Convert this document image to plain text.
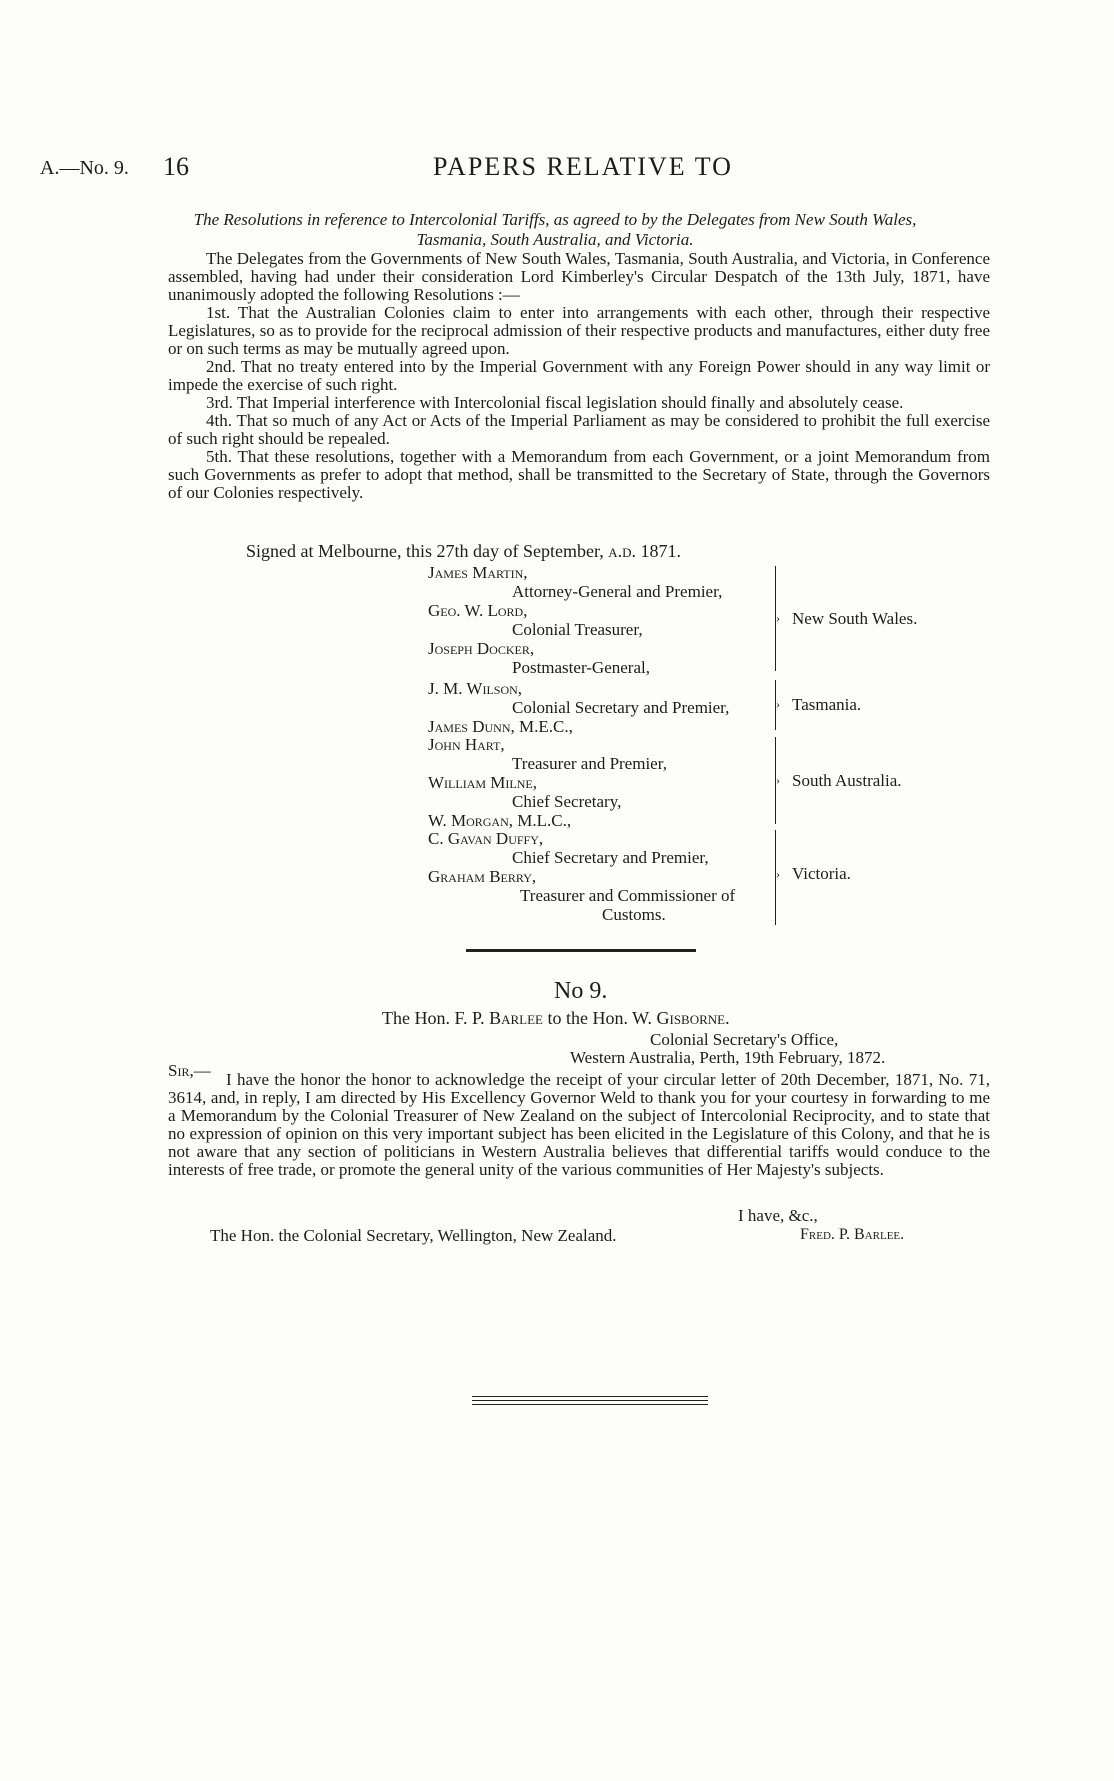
A.—No. 9. 16	PAPERS RELATIVE TO
The Resolutions in reference to Intercolonial Tariffs, as agreed to by the Delegates from New South Wales,
Tasmania, South Australia, and Victoria.

The Delegates from the Governments of New South Wales, Tasmania, South Australia, and Victoria, in Conference assembled, having had under their consideration Lord Kimberley's Circular Despatch of the 13th July, 1871, have unanimously adopted the following Resolutions :—

1st. That the Australian Colonies claim to enter into arrangements with each other, through their respective Legislatures, so as to provide for the reciprocal admission of their respective products and manufactures, either duty free or on such terms as may be mutually agreed upon.

2nd. That no treaty entered into by the Imperial Government with any Foreign Power should in any way limit or impede the exercise of such right.

3rd. That Imperial interference with Intercolonial fiscal legislation should finally and absolutely cease.

4th. That so much of any Act or Acts of the Imperial Parliament as may be considered to prohibit the full exercise of such right should be repealed.

5th. That these resolutions, together with a Memorandum from each Government, or a joint Memorandum from such Governments as prefer to adopt that method, shall be transmitted to the Secretary of State, through the Governors of our Colonies respectively.

Signed at Melbourne, this 27th day of September, a.d. 1871.
James Martin,
Attorney-General and Premier,
Geo. W. Lord,
Colonial Treasurer,
Joseph Docker,
Postmaster-General,
› New South Wales.
J. M. Wilson,
Colonial Secretary and Premier,
James Dunn, M.E.C.,
› Tasmania.
John Hart,
Treasurer and Premier,
William Milne,
Chief Secretary,
W. Morgan, M.L.C.,
› South Australia.
C. Gavan Duffy,
Chief Secretary and Premier,
Graham Berry,
Treasurer and Commissioner of
Customs.
› Victoria.
No 9.
The Hon. F. P. Barlee to the Hon. W. Gisborne.
Colonial Secretary's Office,
Western Australia, Perth, 19th February, 1872.
Sir,— I have the honor the honor to acknowledge the receipt of your circular letter of 20th December, 1871, No. 71, 3614, and, in reply, I am directed by His Excellency Governor Weld to thank you for your courtesy in forwarding to me a Memorandum by the Colonial Treasurer of New Zealand on the subject of Intercolonial Reciprocity, and to state that no expression of opinion on this very important subject has been elicited in the Legislature of this Colony, and that he is not aware that any section of politicians in Western Australia believes that differential tariffs would conduce to the interests of free trade, or promote the general unity of the various communities of Her Majesty's subjects.

I have, &c.,
The Hon. the Colonial Secretary, Wellington, New Zealand.	Fred. P. Barlee.
